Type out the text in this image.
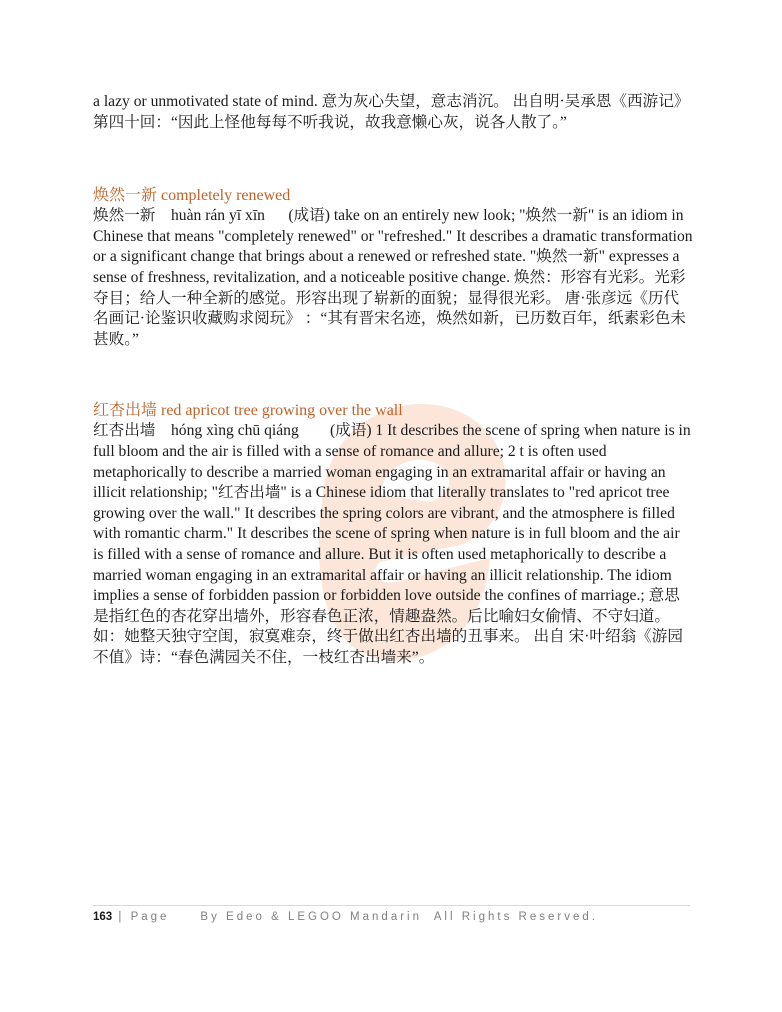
a lazy or unmotivated state of mind. 意为灰心失望，意志消沉。 出自明·吴承恩《西游记》第四十回：“因此上怪他每每不听我说，故我意懒心灰，说各人散了。”

焕然一新 completely renewed

焕然一新 huàn rán yī xīn (成语) take on an entirely new look; "焕然一新" is an idiom in Chinese that means "completely renewed" or "refreshed." It describes a dramatic transformation or a significant change that brings about a renewed or refreshed state. "焕然一新" expresses a sense of freshness, revitalization, and a noticeable positive change. 焕然：形容有光彩。光彩夺目；给人一种全新的感觉。形容出现了崭新的面貌；显得很光彩。 唐·张彦远《历代名画记·论鉴识收藏购求阅玩》 ：“其有晋宋名迹，焕然如新，已历数百年，纸素彩色未甚败。”

红杏出墙 red apricot tree growing over the wall

红杏出墙 hóng xìng chū qiáng (成语) 1 It describes the scene of spring when nature is in full bloom and the air is filled with a sense of romance and allure; 2 t is often used metaphorically to describe a married woman engaging in an extramarital affair or having an illicit relationship; "红杏出墙" is a Chinese idiom that literally translates to "red apricot tree growing over the wall." It describes the spring colors are vibrant, and the atmosphere is filled with romantic charm." It describes the scene of spring when nature is in full bloom and the air is filled with a sense of romance and allure. But it is often used metaphorically to describe a married woman engaging in an extramarital affair or having an illicit relationship. The idiom implies a sense of forbidden passion or forbidden love outside the confines of marriage.; 意思是指红色的杏花穿出墙外，形容春色正浓，情趣盎然。后比喻妇女偷情、不守妇道。如：她整天独守空闺，寂寞难奈，终于做出红杏出墙的丑事来。 出自 宋·叶绍翁《游园不值》诗：“春色满园关不住，一枝红杏出墙来”。

163 | Page	By Edeo & LEGOO Mandarin  All Rights Reserved.
